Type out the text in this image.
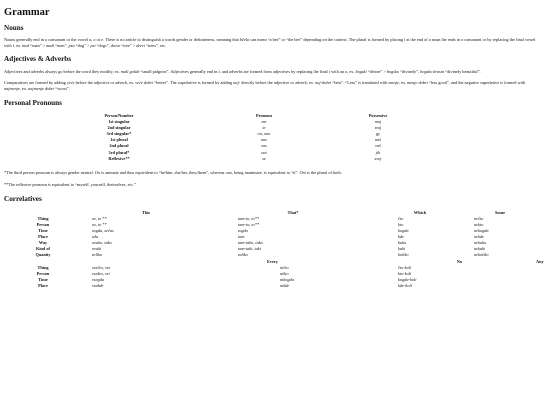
Grammar
Nouns

Nouns generally end in a consonant or the vowel a, o or e. There is no article to distinguish a words gender or definiteness, meaning that bčela can mean “a bee” or “the bee” depending on the context. The plural is formed by placing i at the end of a noun the ends in a consonant or by replacing the final vowel with i, ex. muž “man” > muži “men”, psa “dog” > psi “dogs”, drevo “tree” > drevi “trees”, etc.

Adjectives & Adverbs

Adjectives and adverbs always go before the word they modify, ex. mali golub “small pidgeon”. Adjectives generally end in i, and adverbs are formed from adjectives by replacing the final i with an o, ex. bogski “divine” > bogsko “divinely”, bogsko krasni “divinely beautiful”.

Comparatives are formed by adding veće before the adjective or adverb, ex. veće dobri “better”. The superlative is formed by adding naj- directly before the adjective or adverb, ex. naj-dobri “best”. “Less” is translated with menje, ex. menje dobri “less good”, and the negative superlative is formed with najmenje, ex. najmenje dobri “worst”.

Personal Pronouns
Person/Number	Pronoun	Possessive	
1st singular	me	moj	
2nd singular	te	tvoj	
3rd singular*	on, ono	gy	
1st plural	nas	naš	
2nd plural	vas	vaš	
3rd plural*	oni	jih	
Reflexive**	se	svoj	

*The third person pronoun is always gender neutral. On is animate and thus equivalent to “he/him, she/her, they/them”, whereas ono, being inanimate, is equivalent to “it”. Oni is the plural of both.

**The reflexive pronoun is equivalent to “myself, yourself, theirselves, etc.”

Correlatives
	This	That*		Which	Some	
Thing	ov, to **	tam-to, to**		čto	nečto	
Person	ov, to **	tam-to, to**		kto	nekto	
Time	sogda, sečas	togda		kogda	nekogda	
Place	sda	tam		kde	nekde	
Way	ovako, tako	tam-tako, tako		kako	nekako	
Kind of	ovaki	tam-taki, taki		kaki	nekaki	
Quanity	zeliko	toliko		koliko	nekoliko	
	Every		No			Any
Thing	vsečto, vse	ničto		čto-koli		
Person	vsekto, vsi	nikto		kto-koli		
Time	vsegda	nikogda		kogda-koli		
Place	vsekde	nikde		kde-koli		
